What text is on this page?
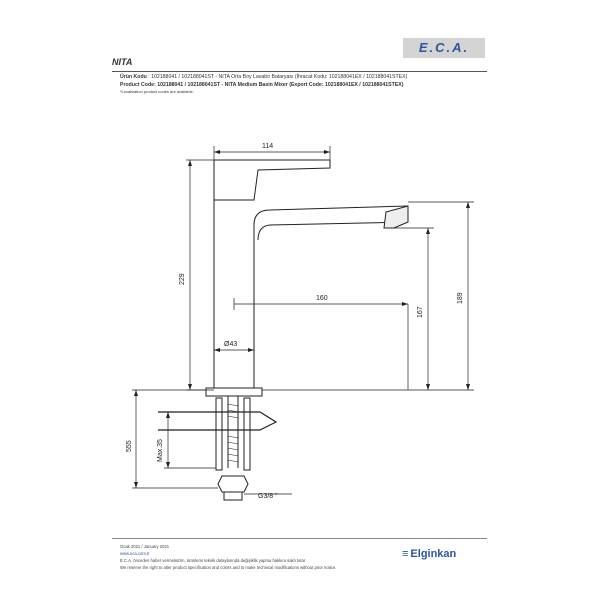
E.C.A.
NITA
Ürün Kodu : 102188041 / 102188041ST - NITA Orta Boy Lavabo Bataryası (İhracat Kodu: 102188041EX / 102188041STEX)
Product Code: 102188041 / 102188041ST - NITA Medium Basin Mixer (Export Code: 102188041EX / 102188041STEX)
*Localization product codes are available.
114
229
160
167
189
Ø43
555	Max.35
G3/8 "
Ocak 2021 / January 2021
www.eca.com.tr
E.C.A. önceden haber vermeksizin, ürünlerin teknik detaylarında değişiklik yapma hakkını saklı tutar.
We reserve the right to alter product specification and colors and to make technical modifications without prior notice.
≡ Elginkan
